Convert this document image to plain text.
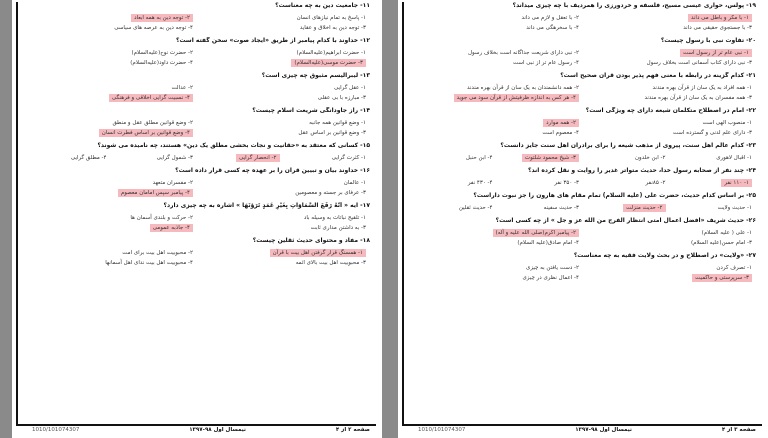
۱۱- جامعیت دین به چه معناست؟
۱- پاسخ به تمام نیازهای انسان
۲- توجه دین به همه ابعاد
۳- توجه دین به اخلاق و عقاید
۴- توجه دین به عرصه های سیاسی
۱۲- خداوند با کدام پیامبر از طریق «ایجاد صوت» سخن گفته است؟
۱- حضرت ابراهیم(علیه‌السلام)
۲- حضرت نوح(علیه‌السلام)
۳- حضرت موسی(علیه‌السلام)
۴- حضرت داود(علیه‌السلام)
۱۳- لیبرالیسم مثبوق چه چیزی است؟
۱- عقل گرایی
۲- عدالت
۳- مبارزه با بی عقلی
۴- نسبیت گرایی اخلاقی و فرهنگی
۱۴- راز جاودانگی شریعت اسلام چیست؟
۱- وضع قوانین همه جانبه
۲- وضع قوانین مطلق عقل و منطق
۳- وضع قوانین بر اساس عقل
۴- وضع قوانین بر اساس فطرت انسان
۱۵- کسانی که معتقد به «حقانیت و نجات بخشی مطلق یک دین» هستند، چه نامیده می شوند؟
۱- کثرت گرایی
۲- انحصار گرایی
۳- شمول گرایی
۴- مطلق گرایی
۱۶- خداوند بیان و تبیین قرآن را بر عهده چه کسی قرار داده است؟
۱- عالمان
۲- مفسران متعهد
۳- عرفای بر جسته و معصومین
۴- پیامبر سپس امامان معصوم
۱۷- آیه « أَنَّهُ رَفَعَ السَّمَاوَاتِ بِغَيْرِ عَمَدٍ تَرَوْنَهَا » اشاره به چه چیزی دارد؟
۱- تلقیح نباتات به وسیله باد
۲- حرکت و بلندی آسمان ها
۳- به داشتن مداری ثابت
۴- جاذبه عمومی
۱۸- مفاد و محتوای حدیث ثقلین چیست؟
۱- همسنگ قرار گرفتن اهل بیت با قرآن
۲- محبوبیت اهل بیت برای امت
۳- محبوبیت اهل بیت بالای ائمه
۴- محبوبیت اهل بیت ندای اهل آسمانها
صفحه ۲ از ۴
نیمسال اول ۹۸-۱۳۹۷
1010/101074307
۱۹- پولس، حواری عیسی مسیح، فلسفه و خردورزی را همردیف با چه چیزی میداند؟
۱- با مکر و باطل می داند
۲- با تعقل و لازم می داند
۳- با جستجوی حقیقی می داند
۴- با سخرهگی می داند
۲۰- تفاوت نبی با رسول چیست؟
۱- نبی عام تر از رسول است
۲- نبی دارای شریعت جداگانه است بخلاف رسول
۳- نبی دارای کتاب آسمانی است بخلاف رسول
۴- رسول عام تر از نبی است
۲۱- کدام گزینه در رابطه با معنی فهم پذیر بودن قرآن صحیح است؟
۱- همه افراد به یک سان از قرآن بهره مندند
۲- همه دانشمندان به یک سان از قرآن بهره مندند
۳- همه مفسران به یک سان از قرآن بهره مندند
۴- هر کس به اندازه ظرفیتش از قرآن سود می جوید
۲۲- امام در اصطلاح متکلمان شیعه دارای چه ویژگی است؟
۱- منصوب الهی است
۲- همه موارد
۳- دارای علم لدنی و گسترده است
۴- معصوم است
۲۳- کدام عالم اهل سنت، پیروی از مذهب شیعه را برای برادران اهل سنت جایز دانست؟
۱- اقبال لاهوری
۲- ابن خلدون
۳- شیخ محمود شلتوت
۴- ابن حنبل
۲۴- چند نفر از صحابه رسول خدا، حدیث متواتر غدیر را روایت و نقل کرده اند؟
۱- ۱۱۰ نفر
۲- ۸۵نفر
۳- ۳۵۰ نفر
۴- ۴۳۰ نفر
۲۵- بر اساس کدام حدیث، حضرت علی (علیه السلام) تمام مقام های هارون را جز نبوت داراست؟
۱- حدیث ولایت
۲- حدیث منزلت
۳- حدیث سفینه
۴- حدیث ثقلین
۲۶- حدیث شریف «افضل اعمال امتی انتظار الفرج من الله عز و جل » از چه کسی است؟
۱- علی ( علیه السلام)
۲- پیامبر اکرم(صلی الله علیه و آله)
۳- امام حسن(علیه السلام)
۴- امام صادق(علیه السلام)
۲۷- «ولایت» در اصطلاح و در بحث ولایت فقیه به چه معناست؟
۱- تصرف کردن
۲- دست یافتن به چیزی
۳- سرپرستی و حاکمیت
۴- اعمال نظری در چیزی
صفحه ۳ از ۴
نیمسال اول ۹۸-۱۳۹۷
1010/101074307
